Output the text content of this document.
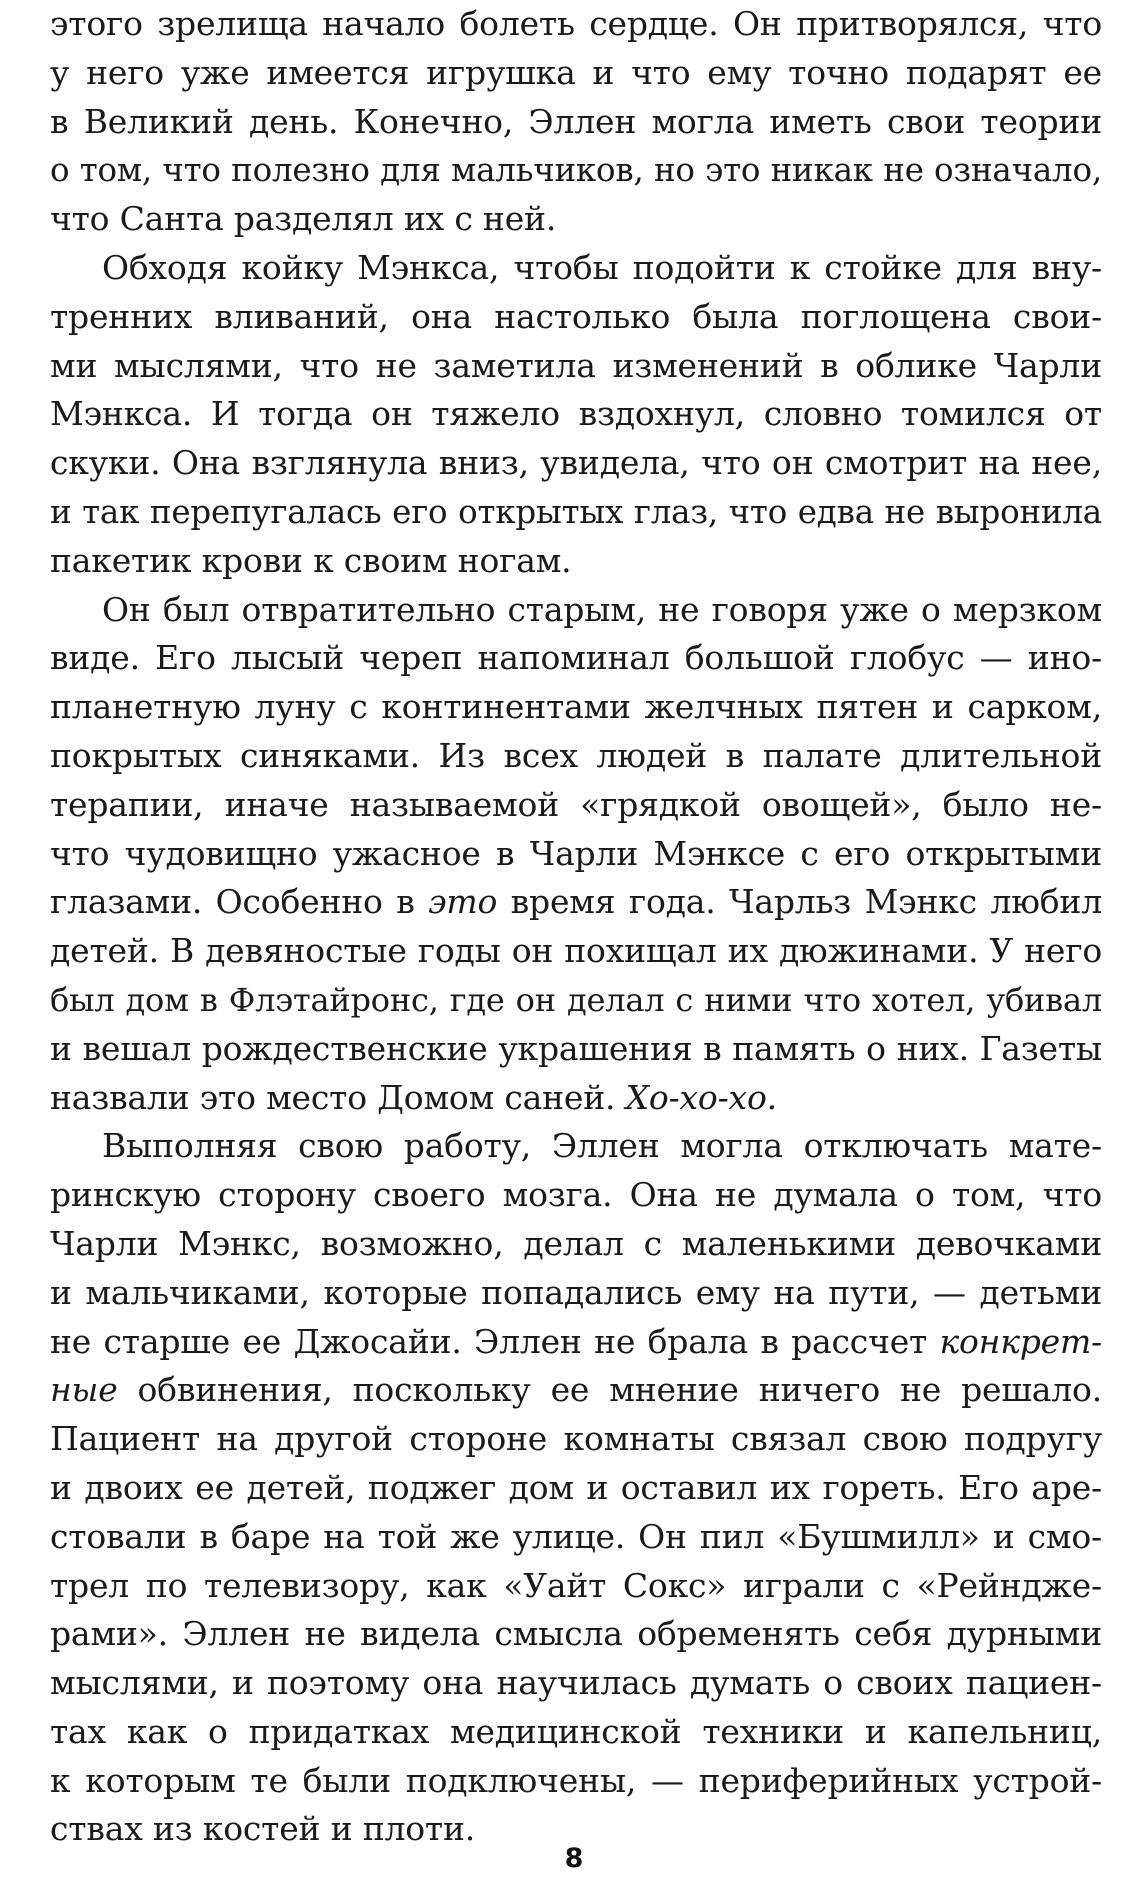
этого зрелища начало болеть сердце. Он притворялся, что
у него уже имеется игрушка и что ему точно подарят ее
в Великий день. Конечно, Эллен могла иметь свои теории
о том, что полезно для мальчиков, но это никак не означало,
что Санта разделял их с ней.
Обходя койку Мэнкса, чтобы подойти к стойке для вну-
тренних вливаний, она настолько была поглощена свои-
ми мыслями, что не заметила изменений в облике Чарли
Мэнкса. И тогда он тяжело вздохнул, словно томился от
скуки. Она взглянула вниз, увидела, что он смотрит на нее,
и так перепугалась его открытых глаз, что едва не выронила
пакетик крови к своим ногам.
Он был отвратительно старым, не говоря уже о мерзком
виде. Его лысый череп напоминал большой глобус — ино-
планетную луну с континентами желчных пятен и сарком,
покрытых синяками. Из всех людей в палате длительной
терапии, иначе называемой «грядкой овощей», было не-
что чудовищно ужасное в Чарли Мэнксе с его открытыми
глазами. Особенно в это время года. Чарльз Мэнкс любил
детей. В девяностые годы он похищал их дюжинами. У него
был дом в Флэтайронс, где он делал с ними что хотел, убивал
и вешал рождественские украшения в память о них. Газеты
назвали это место Домом саней. Хо-хо-хо.
Выполняя свою работу, Эллен могла отключать мате-
ринскую сторону своего мозга. Она не думала о том, что
Чарли Мэнкс, возможно, делал с маленькими девочками
и мальчиками, которые попадались ему на пути, — детьми
не старше ее Джосайи. Эллен не брала в рассчет конкрет-
ные обвинения, поскольку ее мнение ничего не решало.
Пациент на другой стороне комнаты связал свою подругу
и двоих ее детей, поджег дом и оставил их гореть. Его аре-
стовали в баре на той же улице. Он пил «Бушмилл» и смо-
трел по телевизору, как «Уайт Сокс» играли с «Рейндже-
рами». Эллен не видела смысла обременять себя дурными
мыслями, и поэтому она научилась думать о своих пациен-
тах как о придатках медицинской техники и капельниц,
к которым те были подключены, — периферийных устрой-
ствах из костей и плоти.
8
